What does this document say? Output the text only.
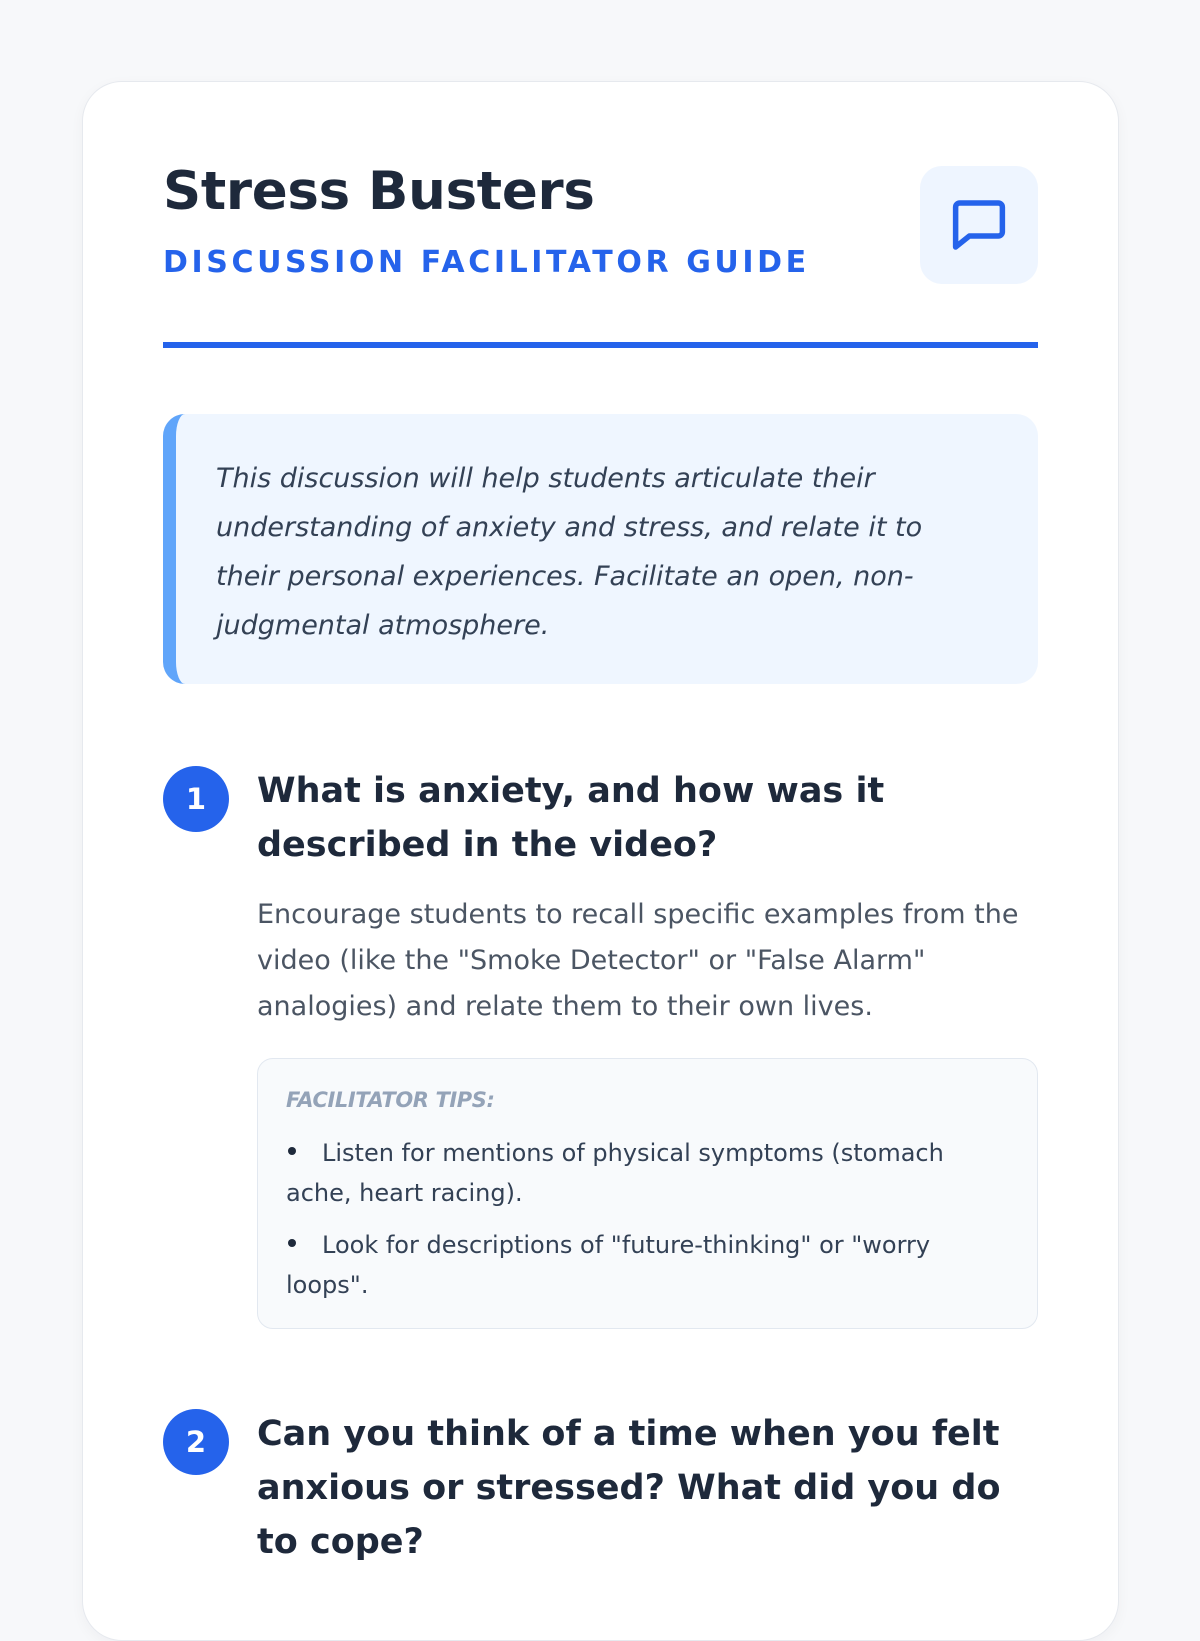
Stress Busters
DISCUSSION FACILITATOR GUIDE

This discussion will help students articulate their understanding of anxiety and stress, and relate it to their personal experiences. Facilitate an open, non-judgmental atmosphere.

1	What is anxiety, and how was it described in the video?

Encourage students to recall specific examples from the video (like the "Smoke Detector" or "False Alarm" analogies) and relate them to their own lives.

FACILITATOR TIPS:
Listen for mentions of physical symptoms (stomach ache, heart racing).
Look for descriptions of "future-thinking" or "worry loops".
2	Can you think of a time when you felt anxious or stressed? What did you do to cope?
